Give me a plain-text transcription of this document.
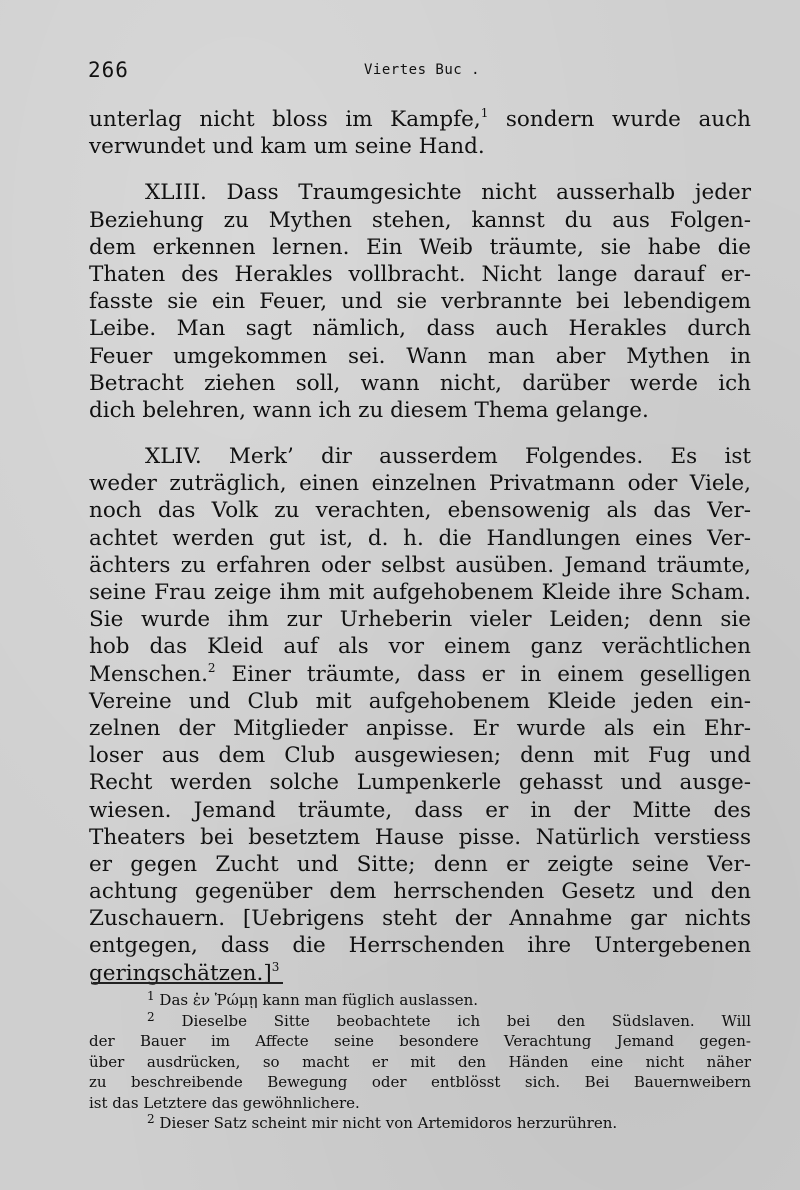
266	Viertes Buc .
unterlag nicht bloss im Kampfe,$^1$ sondern wurde auch
verwundet und kam um seine Hand.
XLIII. Dass Traumgesichte nicht ausserhalb jeder
Beziehung zu Mythen stehen, kannst du aus Folgen-
dem erkennen lernen. Ein Weib träumte, sie habe die
Thaten des Herakles vollbracht. Nicht lange darauf er-
fasste sie ein Feuer, und sie verbrannte bei lebendigem
Leibe. Man sagt nämlich, dass auch Herakles durch
Feuer umgekommen sei. Wann man aber Mythen in
Betracht ziehen soll, wann nicht, darüber werde ich
dich belehren, wann ich zu diesem Thema gelange.
XLIV. Merk’ dir ausserdem Folgendes. Es ist
weder zuträglich, einen einzelnen Privatmann oder Viele,
noch das Volk zu verachten, ebensowenig als das Ver-
achtet werden gut ist, d. h. die Handlungen eines Ver-
ächters zu erfahren oder selbst ausüben. Jemand träumte,
seine Frau zeige ihm mit aufgehobenem Kleide ihre Scham.
Sie wurde ihm zur Urheberin vieler Leiden; denn sie
hob das Kleid auf als vor einem ganz verächtlichen
Menschen.$^2$ Einer träumte, dass er in einem geselligen
Vereine und Club mit aufgehobenem Kleide jeden ein-
zelnen der Mitglieder anpisse. Er wurde als ein Ehr-
loser aus dem Club ausgewiesen; denn mit Fug und
Recht werden solche Lumpenkerle gehasst und ausge-
wiesen. Jemand träumte, dass er in der Mitte des
Theaters bei besetztem Hause pisse. Natürlich verstiess
er gegen Zucht und Sitte; denn er zeigte seine Ver-
achtung gegenüber dem herrschenden Gesetz und den
Zuschauern. [Uebrigens steht der Annahme gar nichts
entgegen, dass die Herrschenden ihre Untergebenen
geringschätzen.]$^3$
$^1$ Das ἐν Ῥώμῃ kann man füglich auslassen.
$^2$ Dieselbe Sitte beobachtete ich bei den Südslaven. Will
der Bauer im Affecte seine besondere Verachtung Jemand gegen-
über ausdrücken, so macht er mit den Händen eine nicht näher
zu beschreibende Bewegung oder entblösst sich. Bei Bauernweibern
ist das Letztere das gewöhnlichere.
$^2$ Dieser Satz scheint mir nicht von Artemidoros herzurühren.
